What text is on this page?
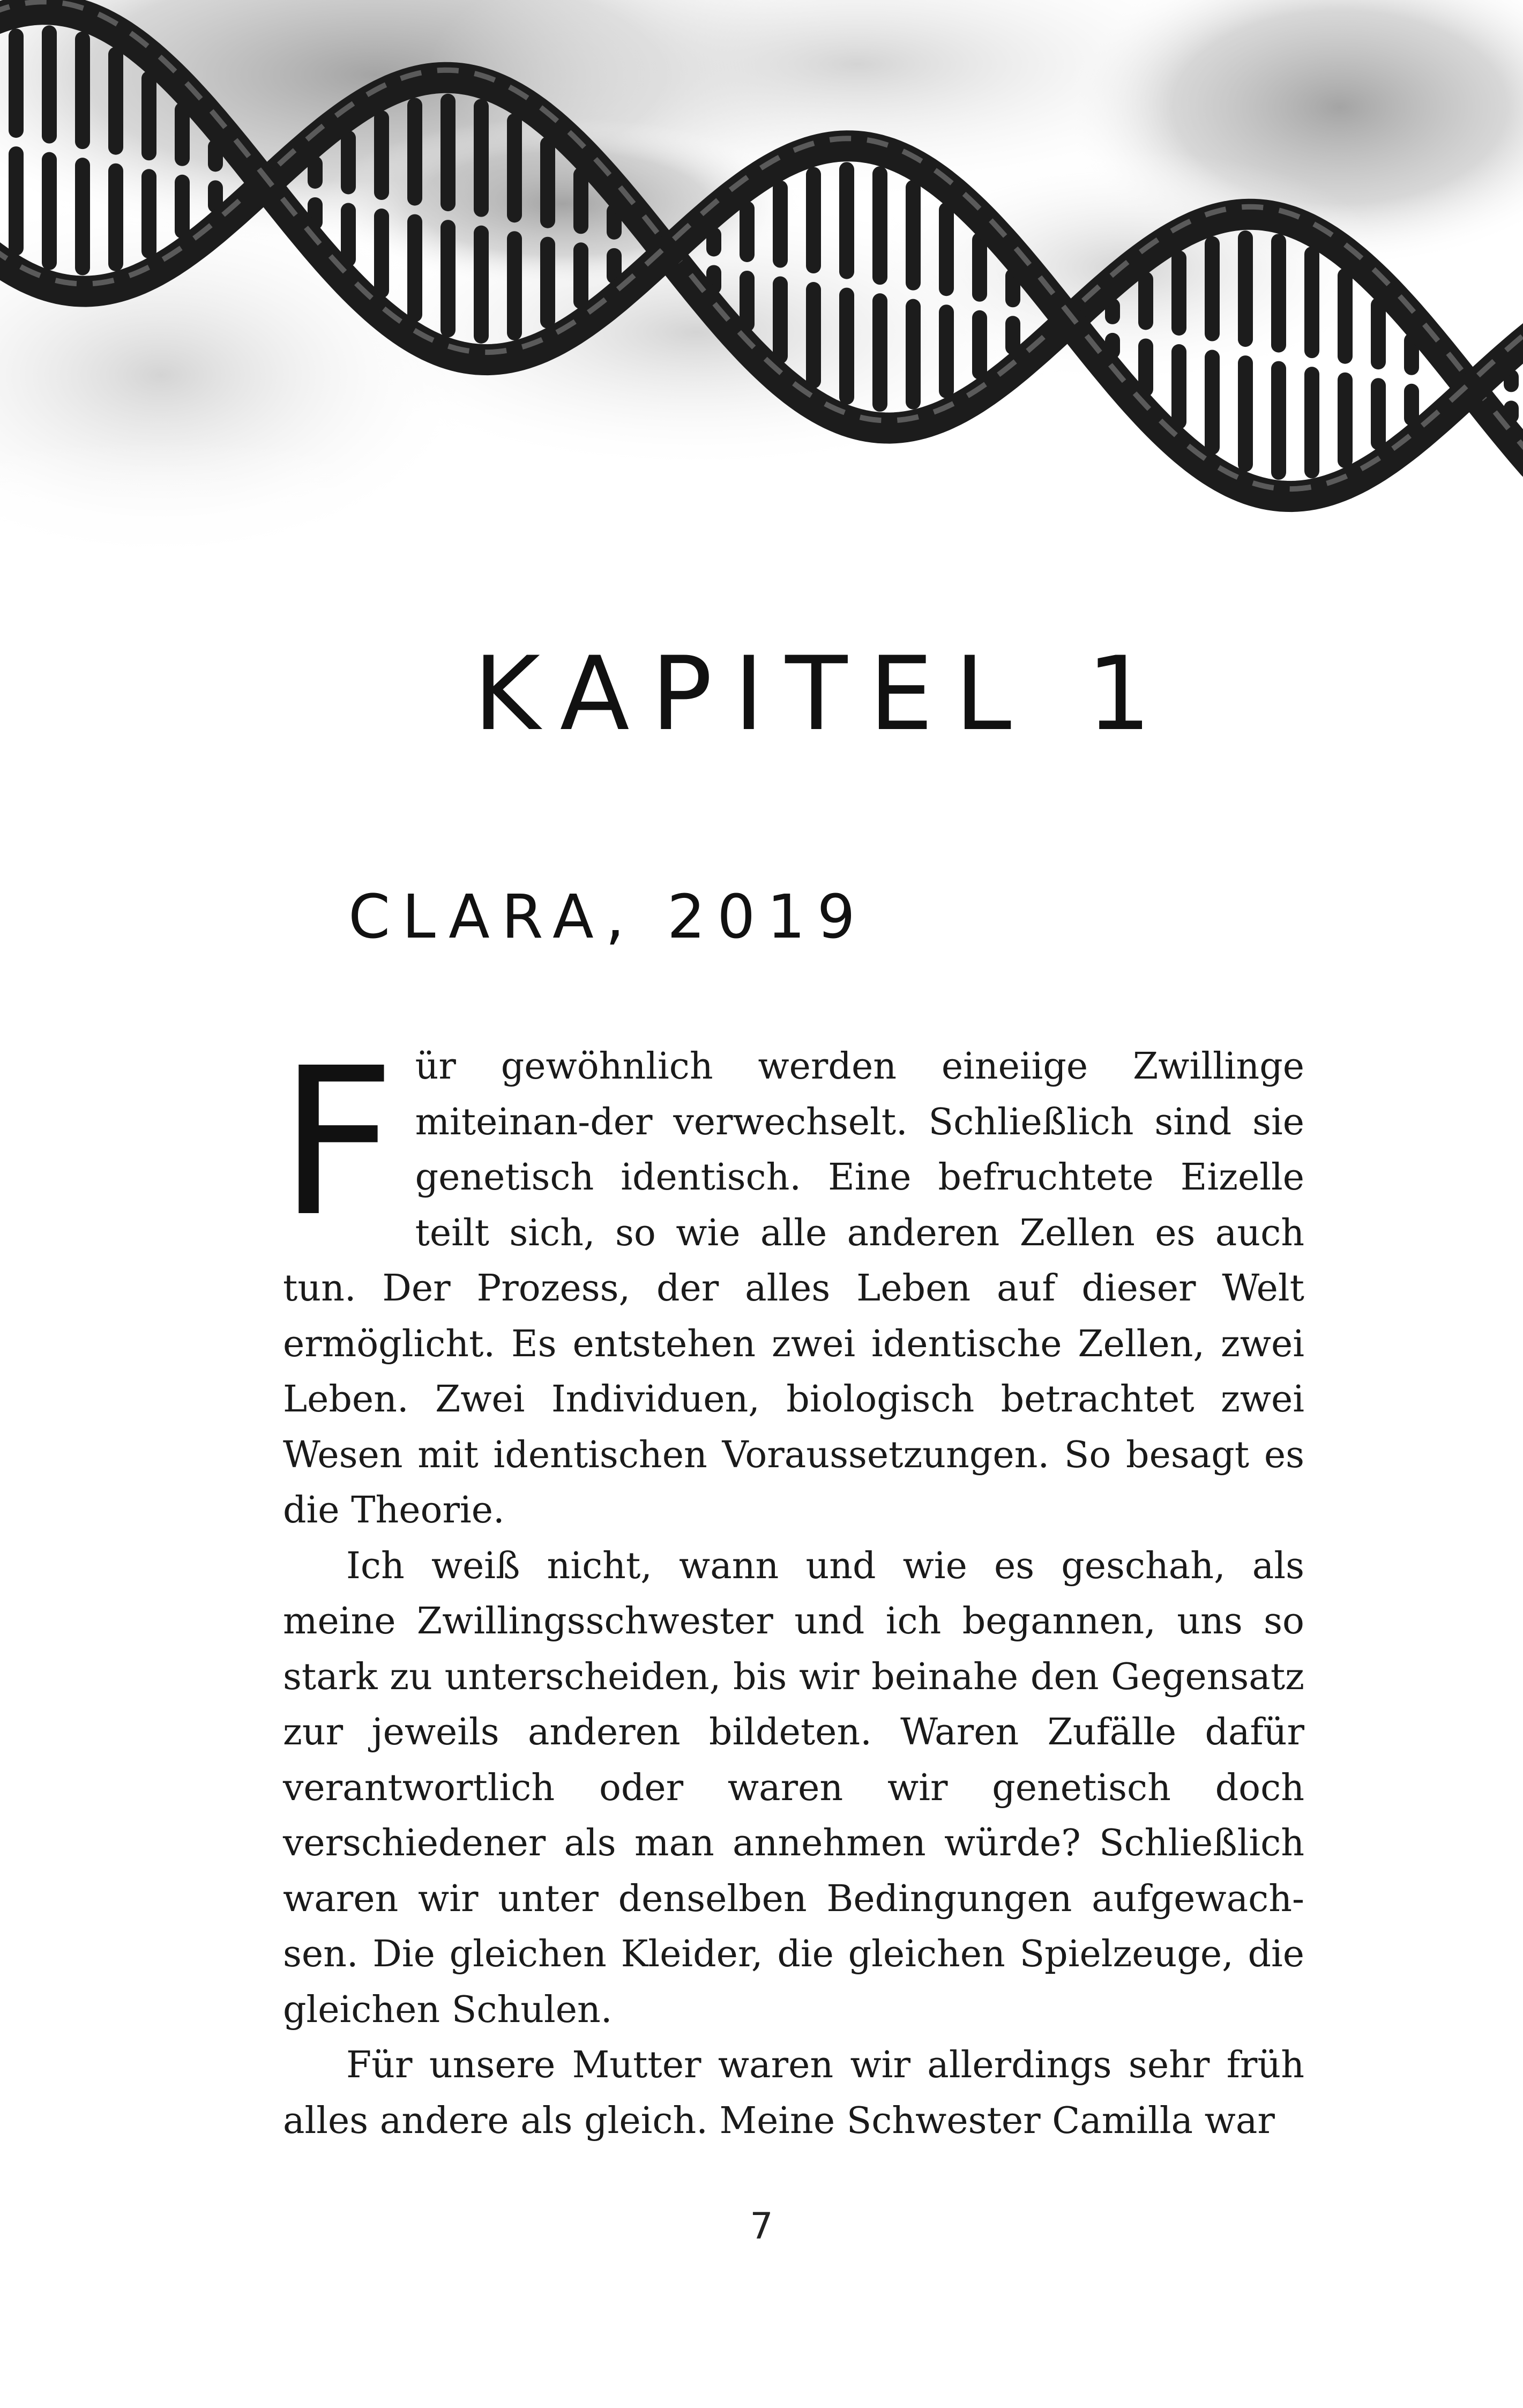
KAPITEL 1
CLARA, 2019

Für gewöhnlich werden eineiige Zwillinge miteinan-der verwechselt. Schließlich sind sie genetisch identisch. Eine befruchtete Eizelle teilt sich, so wie alle anderen Zellen es auch tun. Der Prozess, der alles Leben auf dieser Welt ermöglicht. Es entstehen zwei identische Zellen, zwei Leben. Zwei Individuen, biologisch betrachtet zwei Wesen mit identischen Voraussetzungen. So besagt es die Theorie.

Ich weiß nicht, wann und wie es geschah, als meine Zwillingsschwester und ich begannen, uns so stark zu unterscheiden, bis wir beinahe den Gegensatz zur jeweils anderen bildeten. Waren Zufälle dafür verantwortlich oder waren wir genetisch doch verschiedener als man annehmen würde? Schließlich waren wir unter denselben Bedingungen aufgewach-sen. Die gleichen Kleider, die gleichen Spielzeuge, die gleichen Schulen.

Für unsere Mutter waren wir allerdings sehr früh alles andere als gleich. Meine Schwester Camilla war

7
